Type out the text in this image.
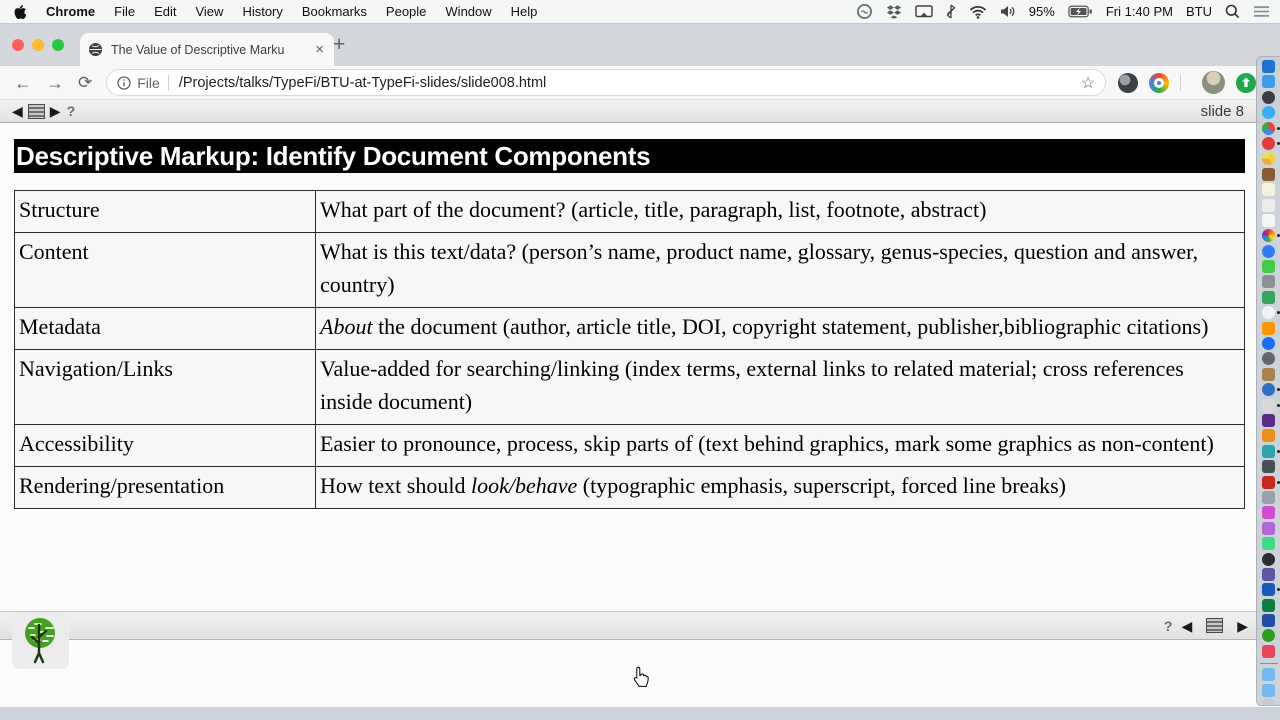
Chrome File Edit View History Bookmarks People Window Help	95%	Fri 1:40 PM BTU
The Value of Descriptive Marku	× +
← → ⟳	File /Projects/talks/TypeFi/BTU-at-TypeFi-slides/slide008.html	☆
◀ ▶ ?	slide 8
Descriptive Markup: Identify Document Components
Structure	What part of the document? (article, title, paragraph, list, footnote, abstract)
Content	What is this text/data? (person’s name, product name, glossary, genus-species, question and answer, country)
Metadata	About the document (author, article title, DOI, copyright statement, publisher,bibliographic citations)
Navigation/Links	Value-added for searching/linking (index terms, external links to related material; cross references inside document)
Accessibility	Easier to pronounce, process, skip parts of (text behind graphics, mark some graphics as non-content)
Rendering/presentation	How text should look/behave (typographic emphasis, superscript, forced line breaks)
? ◀	▶
